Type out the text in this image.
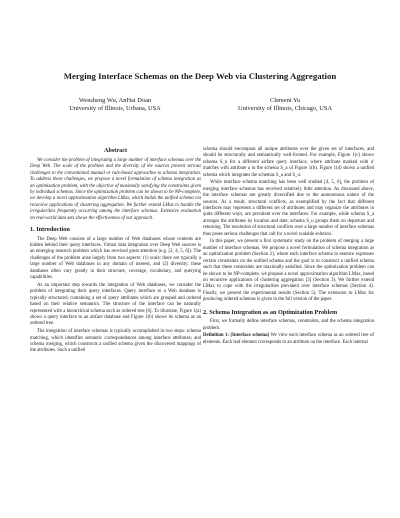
Merging Interface Schemas on the Deep Web via Clustering Aggregation
Wensheng Wu, AnHai Doan
University of Illinois, Urbana, USA
Clement Yu
University of Illinois, Chicago, USA
Abstract

We consider the problem of integrating a large number of interface schemas over the Deep Web. The scale of the problem and the diversity of the sources present serious challenges to the conventional manual or rule-based approaches to schema integration. To address these challenges, we propose a novel formulation of schema integration as an optimization problem, with the objective of maximally satisfying the constraints given by individual schemas. Since the optimization problem can be shown to be NP-complete, we develop a novel approximation algorithm LMax, which builds the unified schema via recursive applications of clustering aggregation. We further extend LMax to handle the irregularities frequently occurring among the interface schemas. Extensive evaluation on real-world data sets shows the effectiveness of our approach.

1. Introduction

The Deep Web consists of a large number of Web databases whose contents are hidden behind their query interfaces. Virtual data integration over Deep Web sources is an emerging research problem which has received great attention (e.g. [2, 4, 5, 6]). The challenges of the problem arise largely from two aspects: (1) scale: there are typically a large number of Web databases in any domain of interest, and (2) diversity: these databases often vary greatly in their structure, coverage, vocabulary, and querying capabilities.

As an important step towards the integration of Web databases, we consider the problem of integrating their query interfaces. Query interface to a Web database is typically structured, containing a set of query attributes which are grouped and ordered based on their relative semantics. The structure of the interface can be naturally represented with a hierarchical schema such as ordered tree [6]. To illustrate, Figure 1(a) shows a query interface to an airfare database and Figure 1(b) shows its schema as an ordered tree.

The integration of interface schemas is typically accomplished in two steps: schema matching, which identifies semantic correspondences among interface attributes; and schema merging, which constructs a unified schema given the discovered mappings of the attributes. Such a unified

schema should encompass all unique attributes over the given set of interfaces, and should be structurally and semantically well-formed. For example, Figure 1(c) shows schema S_u for a different airfare query interface, where attribute marked with a′ matches with attribute a in the schema S_a of Figure 1(b). Figure 1(d) shows a unified schema which integrates the schemas S_a and S_u.

While interface schema matching has been well studied [4, 5, 6], the problem of merging interface schemas has received relatively little attention. As discussed above, the interface schemas are greatly diversified due to the autonomous nature of the sources. As a result, structural conflicts, as exemplified by the fact that different interfaces may represent a different set of attributes and may organize the attributes in quite different ways, are prevalent over the interfaces. For example, while schema S_a arranges the attributes by location and date, schema S_u groups them on departure and returning. The resolution of structural conflicts over a large number of interface schemas thus poses serious challenges that call for a novel scalable solution.

In this paper, we present a first systematic study on the problem of merging a large number of interface schemas. We propose a novel formulation of schema integration as an optimization problem (Section 2), where each interface schema in essence expresses certain constraints on the unified schema and the goal is to construct a unified schema such that these constraints are maximally satisfied. Since the optimization problem can be shown to be NP-complete, we propose a novel approximation algorithm LMax, based on recursive applications of clustering aggregation [3] (Section 3). We further extend LMax to cope with the irregularities prevalent over interface schemas (Section 4). Finally, we present the experimental results (Section 5). The extension to LMax for producing ordered schemas is given in the full version of the paper.

2. Schema Integration as an Optimization Problem

First, we formally define interface schemas, constraints, and the schema integration problem.

Definition 1: (Interface schema) We view each interface schema as an ordered tree of elements. Each leaf element corresponds to an attribute on the interface. Each internal
